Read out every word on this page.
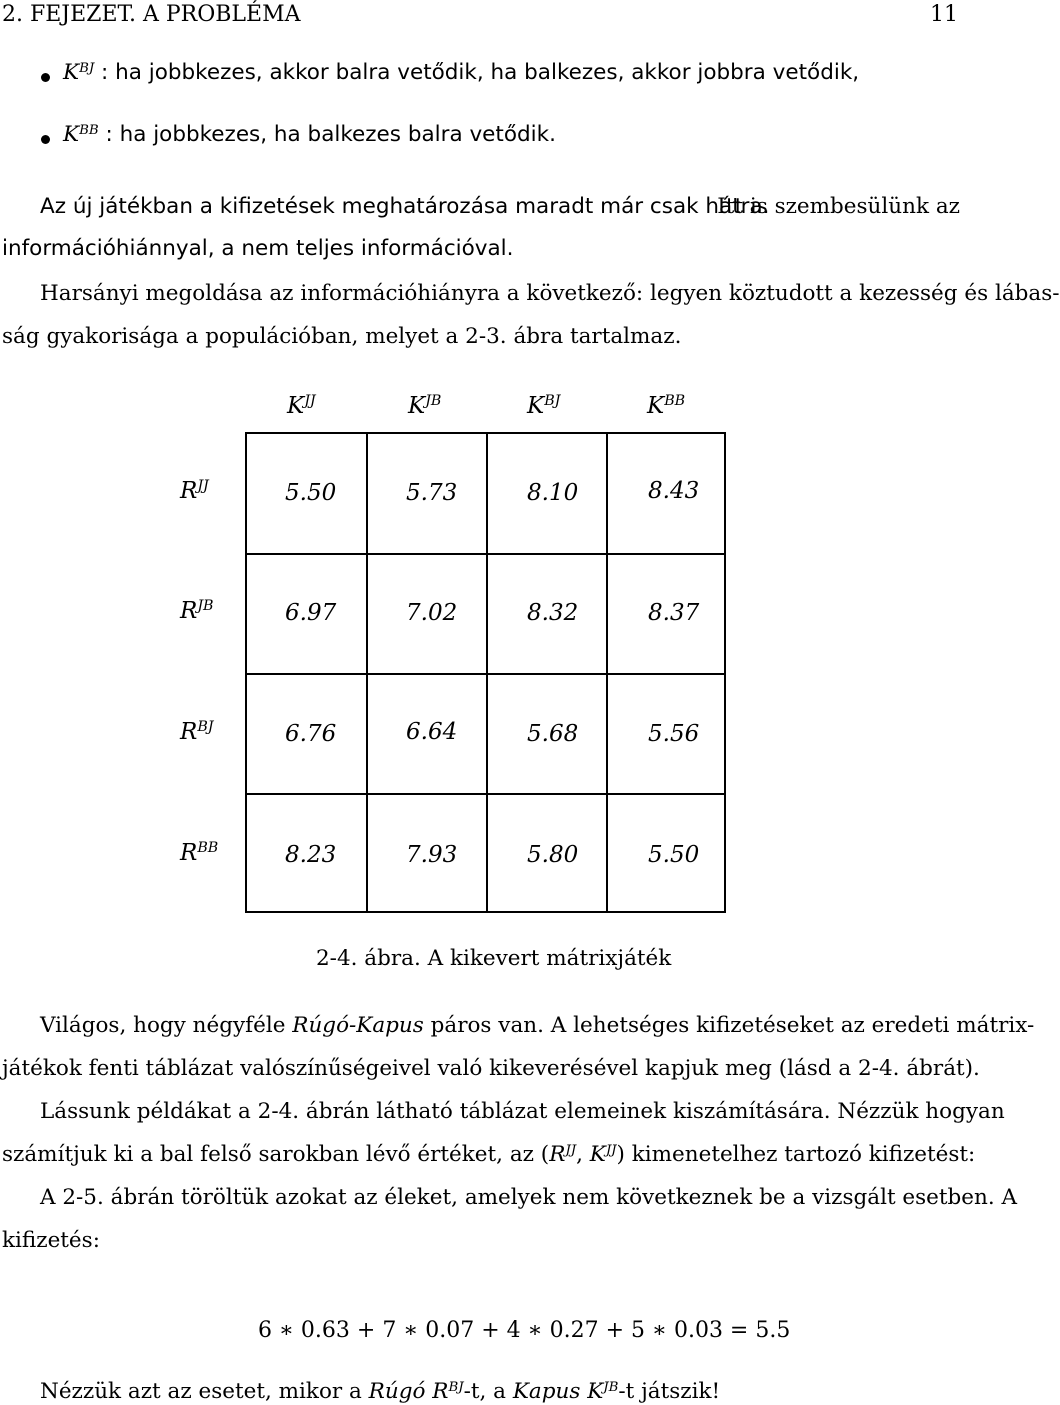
2. FEJEZET. A PROBLÉMA	11
$K^{BJ}$ : ha jobbkezes, akkor balra vetődik, ha balkezes, akkor jobbra vetődik,
$K^{BB}$ : ha jobbkezes, ha balkezes balra vetődik.
Az új játékban a kifizetések meghatározása maradt már csak hátra.
Itt is szembesülünk az
információhiánnyal, a nem teljes információval.
Harsányi megoldása az információhiányra a következő: legyen köztudott a kezesség és lábas-
ság gyakorisága a populációban, melyet a 2-3. ábra tartalmaz.
$K^{JJ}$	$K^{JB}$	$K^{BJ}$	$K^{BB}$
$R^{JJ}$	5.50	5.73	8.10	8.43
$R^{JB}$	6.97	7.02	8.32	8.37
$R^{BJ}$	6.76	6.64	5.68	5.56
$R^{BB}$	8.23	7.93	5.80	5.50
2-4. ábra. A kikevert mátrixjáték
Világos, hogy négyféle Rúgó-Kapus páros van. A lehetséges kifizetéseket az eredeti mátrix-
játékok fenti táblázat valószínűségeivel való kikeverésével kapjuk meg (lásd a 2-4. ábrát).
Lássunk példákat a 2-4. ábrán látható táblázat elemeinek kiszámítására. Nézzük hogyan
számítjuk ki a bal felső sarokban lévő értéket, az ($R^{JJ}$, $K^{JJ}$) kimenetelhez tartozó kifizetést:
A 2-5. ábrán töröltük azokat az éleket, amelyek nem következnek be a vizsgált esetben. A
kifizetés:
6 ∗ 0.63 + 7 ∗ 0.07 + 4 ∗ 0.27 + 5 ∗ 0.03 = 5.5
Nézzük azt az esetet, mikor a Rúgó $R^{BJ}-t$, a Kapus $K^{JB}-t$ játszik!
